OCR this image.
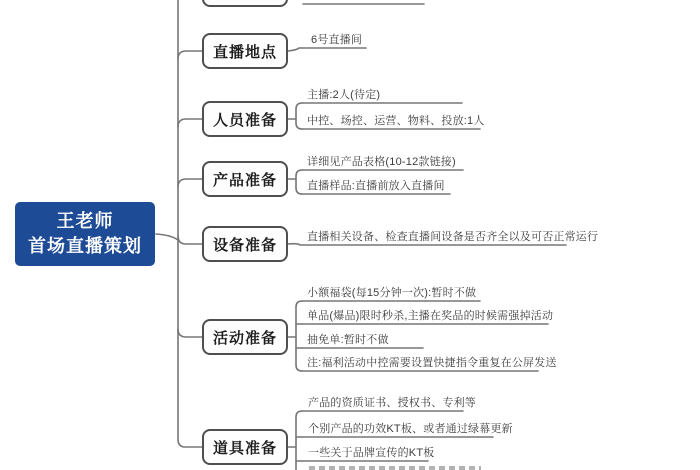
王老师
首场直播策划
直播地点
6号直播间
人员准备
主播:2人(待定)
中控、场控、运营、物料、投放:1人
产品准备
详细见产品表格(10-12款链接)
直播样品:直播前放入直播间
设备准备	直播相关设备、检查直播间设备是否齐全以及可否正常运行
活动准备
小额福袋(每15分钟一次):暂时不做
单品(爆品)限时秒杀,主播在奖品的时候需强掉活动
抽免单:暂时不做
注:福利活动中控需要设置快捷指令重复在公屏发送
道具准备
产品的资质证书、授权书、专利等
个别产品的功效KT板、或者通过绿幕更新
一些关于品牌宣传的KT板
